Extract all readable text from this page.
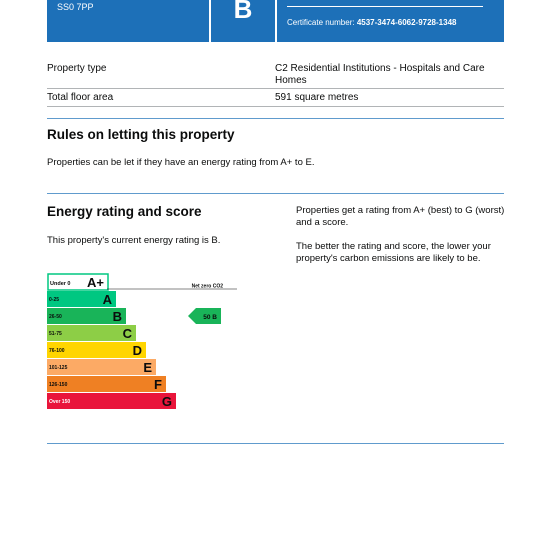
SS0 7PP	B	Certificate number: 4537-3474-6062-9728-1348
Property type	C2 Residential Institutions - Hospitals and Care Homes
Total floor area	591 square metres
Rules on letting this property

Properties can be let if they have an energy rating from A+ to E.

Energy rating and score

This property's current energy rating is B.

Properties get a rating from A+ (best) to G (worst) and a score.

The better the rating and score, the lower your property's carbon emissions are likely to be.

Under 0 A+
0-25	A
26-50	B
51-75	C
76-100	D
101-125	E
126-150	F
Over 150	G
Net zero CO2
50 B
